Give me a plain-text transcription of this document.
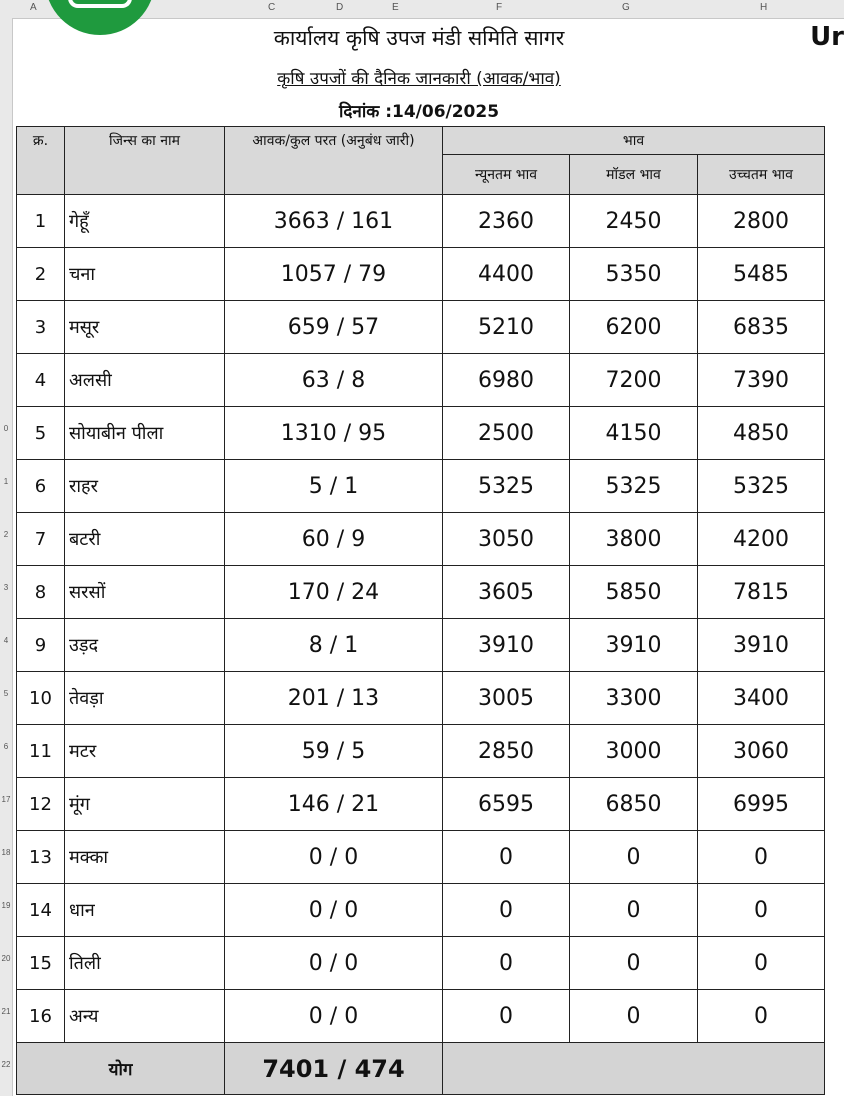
A	C	D	E	F	G	H
0
1
2
3
4
5
6
17
18
19
20
21
22
Ur
कार्यालय कृषि उपज मंडी समिति सागर
कृषि उपजों की दैनिक जानकारी (आवक/भाव)
दिनांक :14/06/2025
क्र.	जिन्स का नाम	आवक/कुल परत (अनुबंध जारी)	भाव		
			न्यूनतम भाव	मॉडल भाव	उच्चतम भाव
1	गेहूँ	3663 / 161	2360	2450	2800
2	चना	1057 / 79	4400	5350	5485
3	मसूर	659 / 57	5210	6200	6835
4	अलसी	63 / 8	6980	7200	7390
5	सोयाबीन पीला	1310 / 95	2500	4150	4850
6	राहर	5 / 1	5325	5325	5325
7	बटरी	60 / 9	3050	3800	4200
8	सरसों	170 / 24	3605	5850	7815
9	उड़द	8 / 1	3910	3910	3910
10	तेवड़ा	201 / 13	3005	3300	3400
11	मटर	59 / 5	2850	3000	3060
12	मूंग	146 / 21	6595	6850	6995
13	मक्का	0 / 0	0	0	0
14	धान	0 / 0	0	0	0
15	तिली	0 / 0	0	0	0
16	अन्य	0 / 0	0	0	0
योग		7401 / 474			
